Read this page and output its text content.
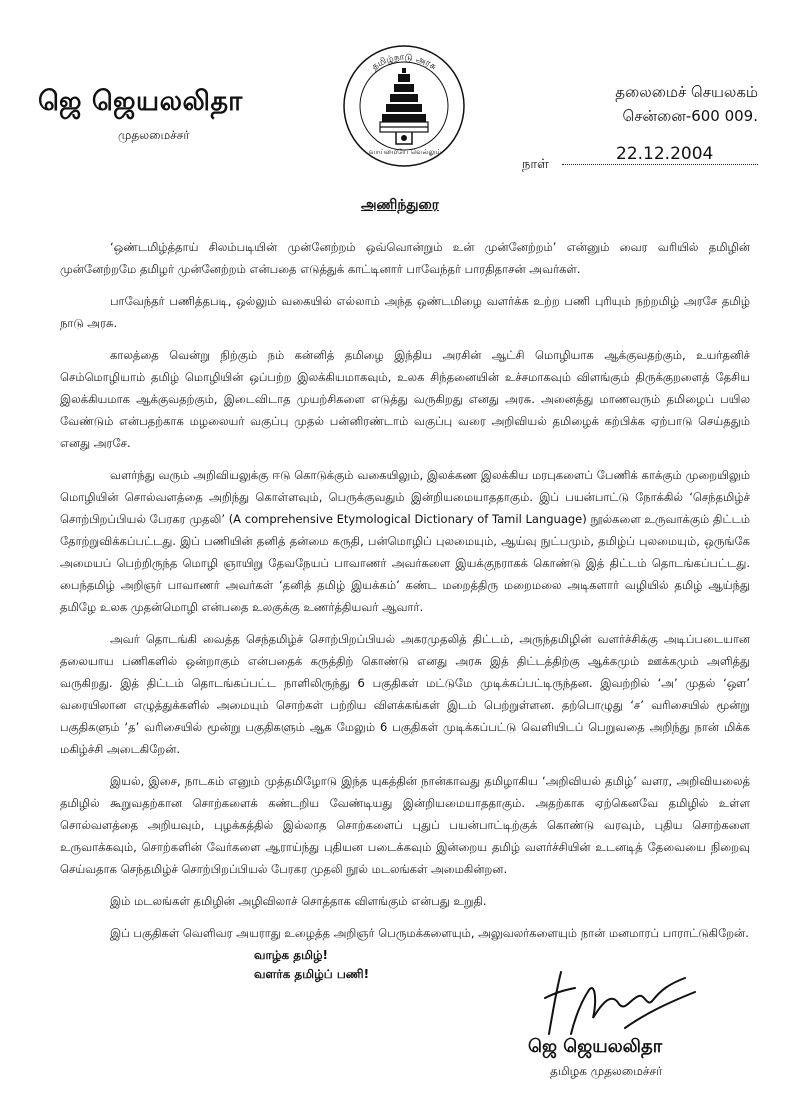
ஜெ ஜெயலலிதா
முதலமைச்சர்
தமிழ்நாடு அரசு
வாய்மையே வெல்லும்
தலைமைச் செயலகம்
சென்னை-600 009.
நாள்
22.12.2004
அணிந்துரை

‘ஒண்டமிழ்த்தாய் சிலம்படியின் முன்னேற்றம் ஒவ்வொன்றும் உன் முன்னேற்றம்’ என்னும் வைர வரியில் தமிழின் முன்னேற்றமே தமிழர் முன்னேற்றம் என்பதை எடுத்துக் காட்டினார் பாவேந்தர் பாரதிதாசன் அவர்கள்.

பாவேந்தர் பணித்தபடி, ஒல்லும் வகையில் எல்லாம் அந்த ஒண்டமிழை வளர்க்க உற்ற பணி புரியும் நற்றமிழ் அரசே தமிழ் நாடு அரசு.

காலத்தை வென்று நிற்கும் நம் கன்னித் தமிழை இந்திய அரசின் ஆட்சி மொழியாக ஆக்குவதற்கும், உயர்தனிச் செம்மொழியாம் தமிழ் மொழியின் ஒப்பற்ற இலக்கியமாகவும், உலக சிந்தனையின் உச்சமாகவும் விளங்கும் திருக்குறளைத் தேசிய இலக்கியமாக ஆக்குவதற்கும், இடைவிடாத முயற்சிகளை எடுத்து வருகிறது எனது அரசு. அனைத்து மாணவரும் தமிழைப் பயில வேண்டும் என்பதற்காக மழலையர் வகுப்பு முதல் பன்னிரண்டாம் வகுப்பு வரை அறிவியல் தமிழைக் கற்பிக்க ஏற்பாடு செய்ததும் எனது அரசே.

வளர்ந்து வரும் அறிவியலுக்கு ஈடு கொடுக்கும் வகையிலும், இலக்கண இலக்கிய மரபுகளைப் பேணிக் காக்கும் முறையிலும் மொழியின் சொல்வளத்தை அறிந்து கொள்ளவும், பெருக்குவதும் இன்றியமையாததாகும். இப் பயன்பாட்டு நோக்கில் ‘செந்தமிழ்ச் சொற்பிறப்பியல் பேரகர முதலி’ (A comprehensive Etymological Dictionary of Tamil Language) நூல்களை உருவாக்கும் திட்டம் தோற்றுவிக்கப்பட்டது. இப் பணியின் தனித் தன்மை கருதி, பன்மொழிப் புலமையும், ஆய்வு நுட்பமும், தமிழ்ப் புலமையும், ஒருங்கே அமையப் பெற்றிருந்த மொழி ஞாயிறு தேவநேயப் பாவாணர் அவர்களை இயக்குநராகக் கொண்டு இத் திட்டம் தொடங்கப்பட்டது. பைந்தமிழ் அறிஞர் பாவாணர் அவர்கள் ‘தனித் தமிழ் இயக்கம்’ கண்ட மறைத்திரு மறைமலை அடிகளார் வழியில் தமிழ் ஆய்ந்து தமிழே உலக முதன்மொழி என்பதை உலகுக்கு உணர்த்தியவர் ஆவார்.

அவர் தொடங்கி வைத்த செந்தமிழ்ச் சொற்பிறப்பியல் அகரமுதலித் திட்டம், அருந்தமிழின் வளர்ச்சிக்கு அடிப்படையான தலையாய பணிகளில் ஒன்றாகும் என்பதைக் கருத்திற் கொண்டு எனது அரசு இத் திட்டத்திற்கு ஆக்கமும் ஊக்கமும் அளித்து வருகிறது. இத் திட்டம் தொடங்கப்பட்ட நாளிலிருந்து 6 பகுதிகள் மட்டுமே முடிக்கப்பட்டிருந்தன. இவற்றில் ‘அ’ முதல் ‘ஔ’ வரையிலான எழுத்துக்களில் அமையும் சொற்கள் பற்றிய விளக்கங்கள் இடம் பெற்றுள்ளன. தற்பொழுது ‘ச’ வரிசையில் மூன்று பகுதிகளும் ‘த’ வரிசையில் மூன்று பகுதிகளும் ஆக மேலும் 6 பகுதிகள் முடிக்கப்பட்டு வெளியிடப் பெறுவதை அறிந்து நான் மிக்க மகிழ்ச்சி அடைகிறேன்.

இயல், இசை, நாடகம் எனும் முத்தமிழோடு இந்த யுகத்தின் நான்காவது தமிழாகிய ‘அறிவியல் தமிழ்’ வளர, அறிவியலைத் தமிழில் கூறுவதற்கான சொற்களைக் கண்டறிய வேண்டியது இன்றியமையாததாகும். அதற்காக ஏற்கெனவே தமிழில் உள்ள சொல்வளத்தை அறியவும், புழக்கத்தில் இல்லாத சொற்களைப் புதுப் பயன்பாட்டிற்குக் கொண்டு வரவும், புதிய சொற்களை உருவாக்கவும், சொற்களின் வேர்களை ஆராய்ந்து புதியன படைக்கவும் இன்றைய தமிழ் வளர்ச்சியின் உடனடித் தேவையை நிறைவு செய்வதாக செந்தமிழ்ச் சொற்பிறப்பியல் பேரகர முதலி நூல் மடலங்கள் அமைகின்றன.

இம் மடலங்கள் தமிழின் அழிவிலாச் சொத்தாக விளங்கும் என்பது உறுதி.

இப் பகுதிகள் வெளிவர அயராது உழைத்த அறிஞர் பெருமக்களையும், அலுவலர்களையும் நான் மனமாரப் பாராட்டுகிறேன்.

வாழ்க தமிழ்!
வளர்க தமிழ்ப் பணி!
ஜெ ஜெயலலிதா
தமிழக முதலமைச்சர்
